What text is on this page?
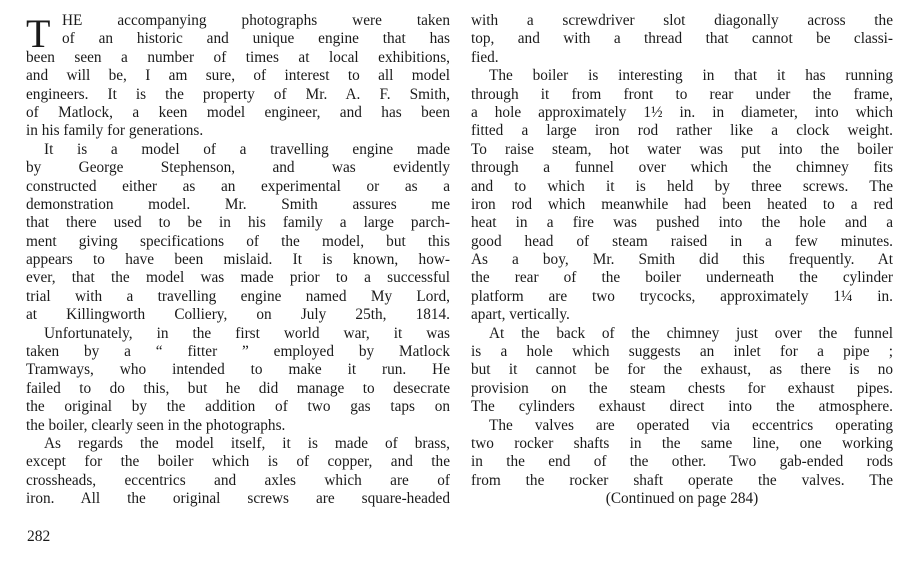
T HE accompanying photographs were taken
of an historic and unique engine that has
been seen a number of times at local exhibitions,
and will be, I am sure, of interest to all model
engineers. It is the property of Mr. A. F. Smith,
of Matlock, a keen model engineer, and has been
in his family for generations.
It is a model of a travelling engine made
by George Stephenson, and was evidently
constructed either as an experimental or as a
demonstration model. Mr. Smith assures me
that there used to be in his family a large parch-
ment giving specifications of the model, but this
appears to have been mislaid. It is known, how-
ever, that the model was made prior to a successful
trial with a travelling engine named My Lord,
at Killingworth Colliery, on July 25th, 1814.
Unfortunately, in the first world war, it was
taken by a “ fitter ” employed by Matlock
Tramways, who intended to make it run. He
failed to do this, but he did manage to desecrate
the original by the addition of two gas taps on
the boiler, clearly seen in the photographs.
As regards the model itself, it is made of brass,
except for the boiler which is of copper, and the
crossheads, eccentrics and axles which are of
iron. All the original screws are square-headed
with a screwdriver slot diagonally across the
top, and with a thread that cannot be classi-
fied.
The boiler is interesting in that it has running
through it from front to rear under the frame,
a hole approximately 1½ in. in diameter, into which
fitted a large iron rod rather like a clock weight.
To raise steam, hot water was put into the boiler
through a funnel over which the chimney fits
and to which it is held by three screws. The
iron rod which meanwhile had been heated to a red
heat in a fire was pushed into the hole and a
good head of steam raised in a few minutes.
As a boy, Mr. Smith did this frequently. At
the rear of the boiler underneath the cylinder
platform are two trycocks, approximately 1¼ in.
apart, vertically.
At the back of the chimney just over the funnel
is a hole which suggests an inlet for a pipe ;
but it cannot be for the exhaust, as there is no
provision on the steam chests for exhaust pipes.
The cylinders exhaust direct into the atmosphere.
The valves are operated via eccentrics operating
two rocker shafts in the same line, one working
in the end of the other. Two gab-ended rods
from the rocker shaft operate the valves. The
(Continued on page 284)
282
